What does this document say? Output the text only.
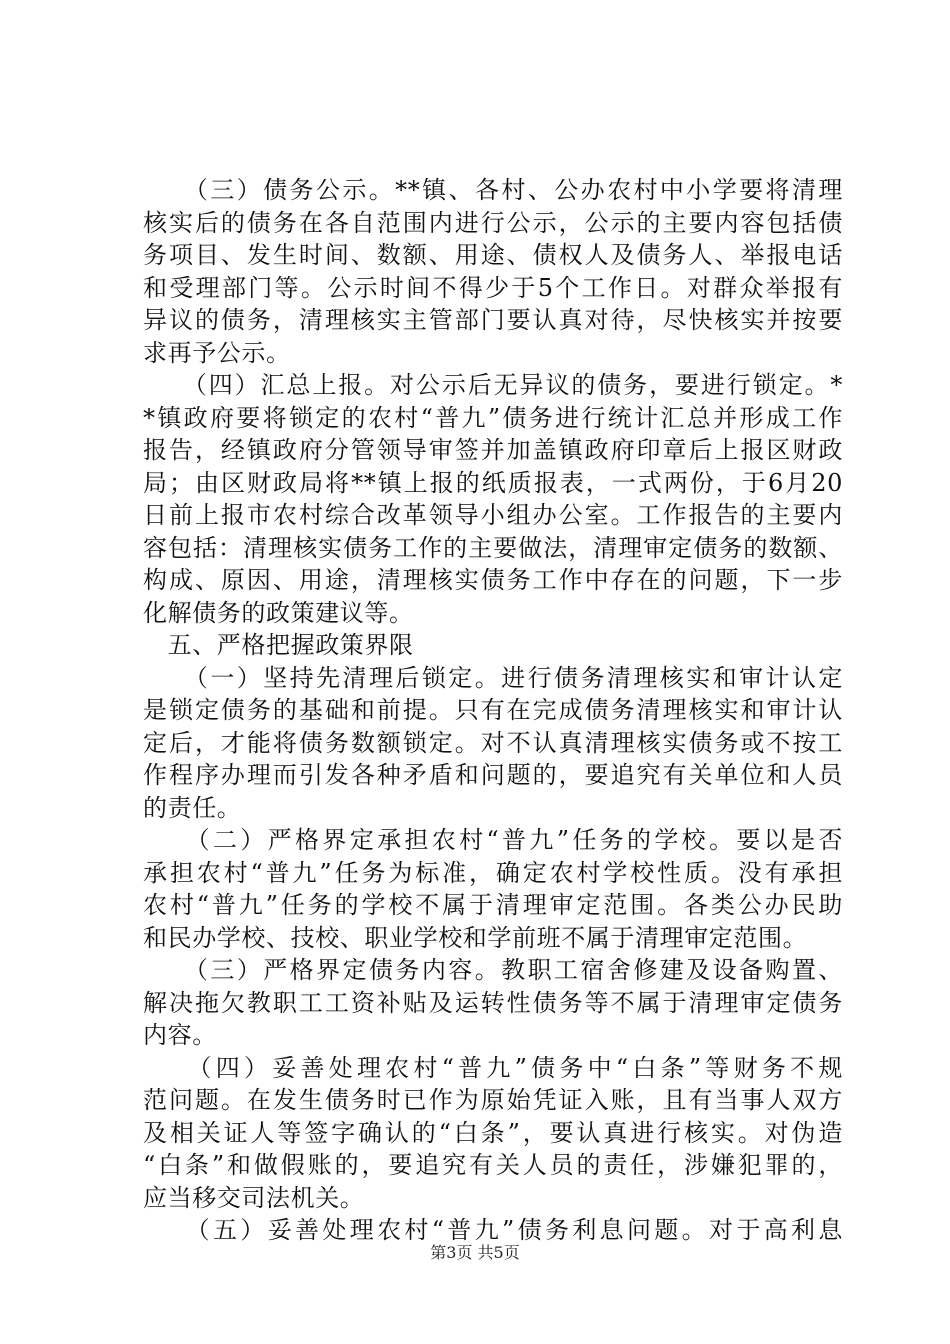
　　（三）债务公示。**镇、各村、公办农村中小学要将清理
核实后的债务在各自范围内进行公示，公示的主要内容包括债
务项目、发生时间、数额、用途、债权人及债务人、举报电话
和受理部门等。公示时间不得少于5个工作日。对群众举报有
异议的债务，清理核实主管部门要认真对待，尽快核实并按要
求再予公示。
　　（四）汇总上报。对公示后无异议的债务，要进行锁定。*
*镇政府要将锁定的农村“普九”债务进行统计汇总并形成工作
报告，经镇政府分管领导审签并加盖镇政府印章后上报区财政
局；由区财政局将**镇上报的纸质报表，一式两份，于6月20
日前上报市农村综合改革领导小组办公室。工作报告的主要内
容包括：清理核实债务工作的主要做法，清理审定债务的数额、
构成、原因、用途，清理核实债务工作中存在的问题，下一步
化解债务的政策建议等。
　五、严格把握政策界限
　　（一）坚持先清理后锁定。进行债务清理核实和审计认定
是锁定债务的基础和前提。只有在完成债务清理核实和审计认
定后，才能将债务数额锁定。对不认真清理核实债务或不按工
作程序办理而引发各种矛盾和问题的，要追究有关单位和人员
的责任。
　　（二）严格界定承担农村“普九”任务的学校。要以是否
承担农村“普九”任务为标准，确定农村学校性质。没有承担
农村“普九”任务的学校不属于清理审定范围。各类公办民助
和民办学校、技校、职业学校和学前班不属于清理审定范围。
　　（三）严格界定债务内容。教职工宿舍修建及设备购置、
解决拖欠教职工工资补贴及运转性债务等不属于清理审定债务
内容。
　　（四）妥善处理农村“普九”债务中“白条”等财务不规
范问题。在发生债务时已作为原始凭证入账，且有当事人双方
及相关证人等签字确认的“白条”，要认真进行核实。对伪造
“白条”和做假账的，要追究有关人员的责任，涉嫌犯罪的，
应当移交司法机关。
　　（五）妥善处理农村“普九”债务利息问题。对于高利息
第3页 共5页
